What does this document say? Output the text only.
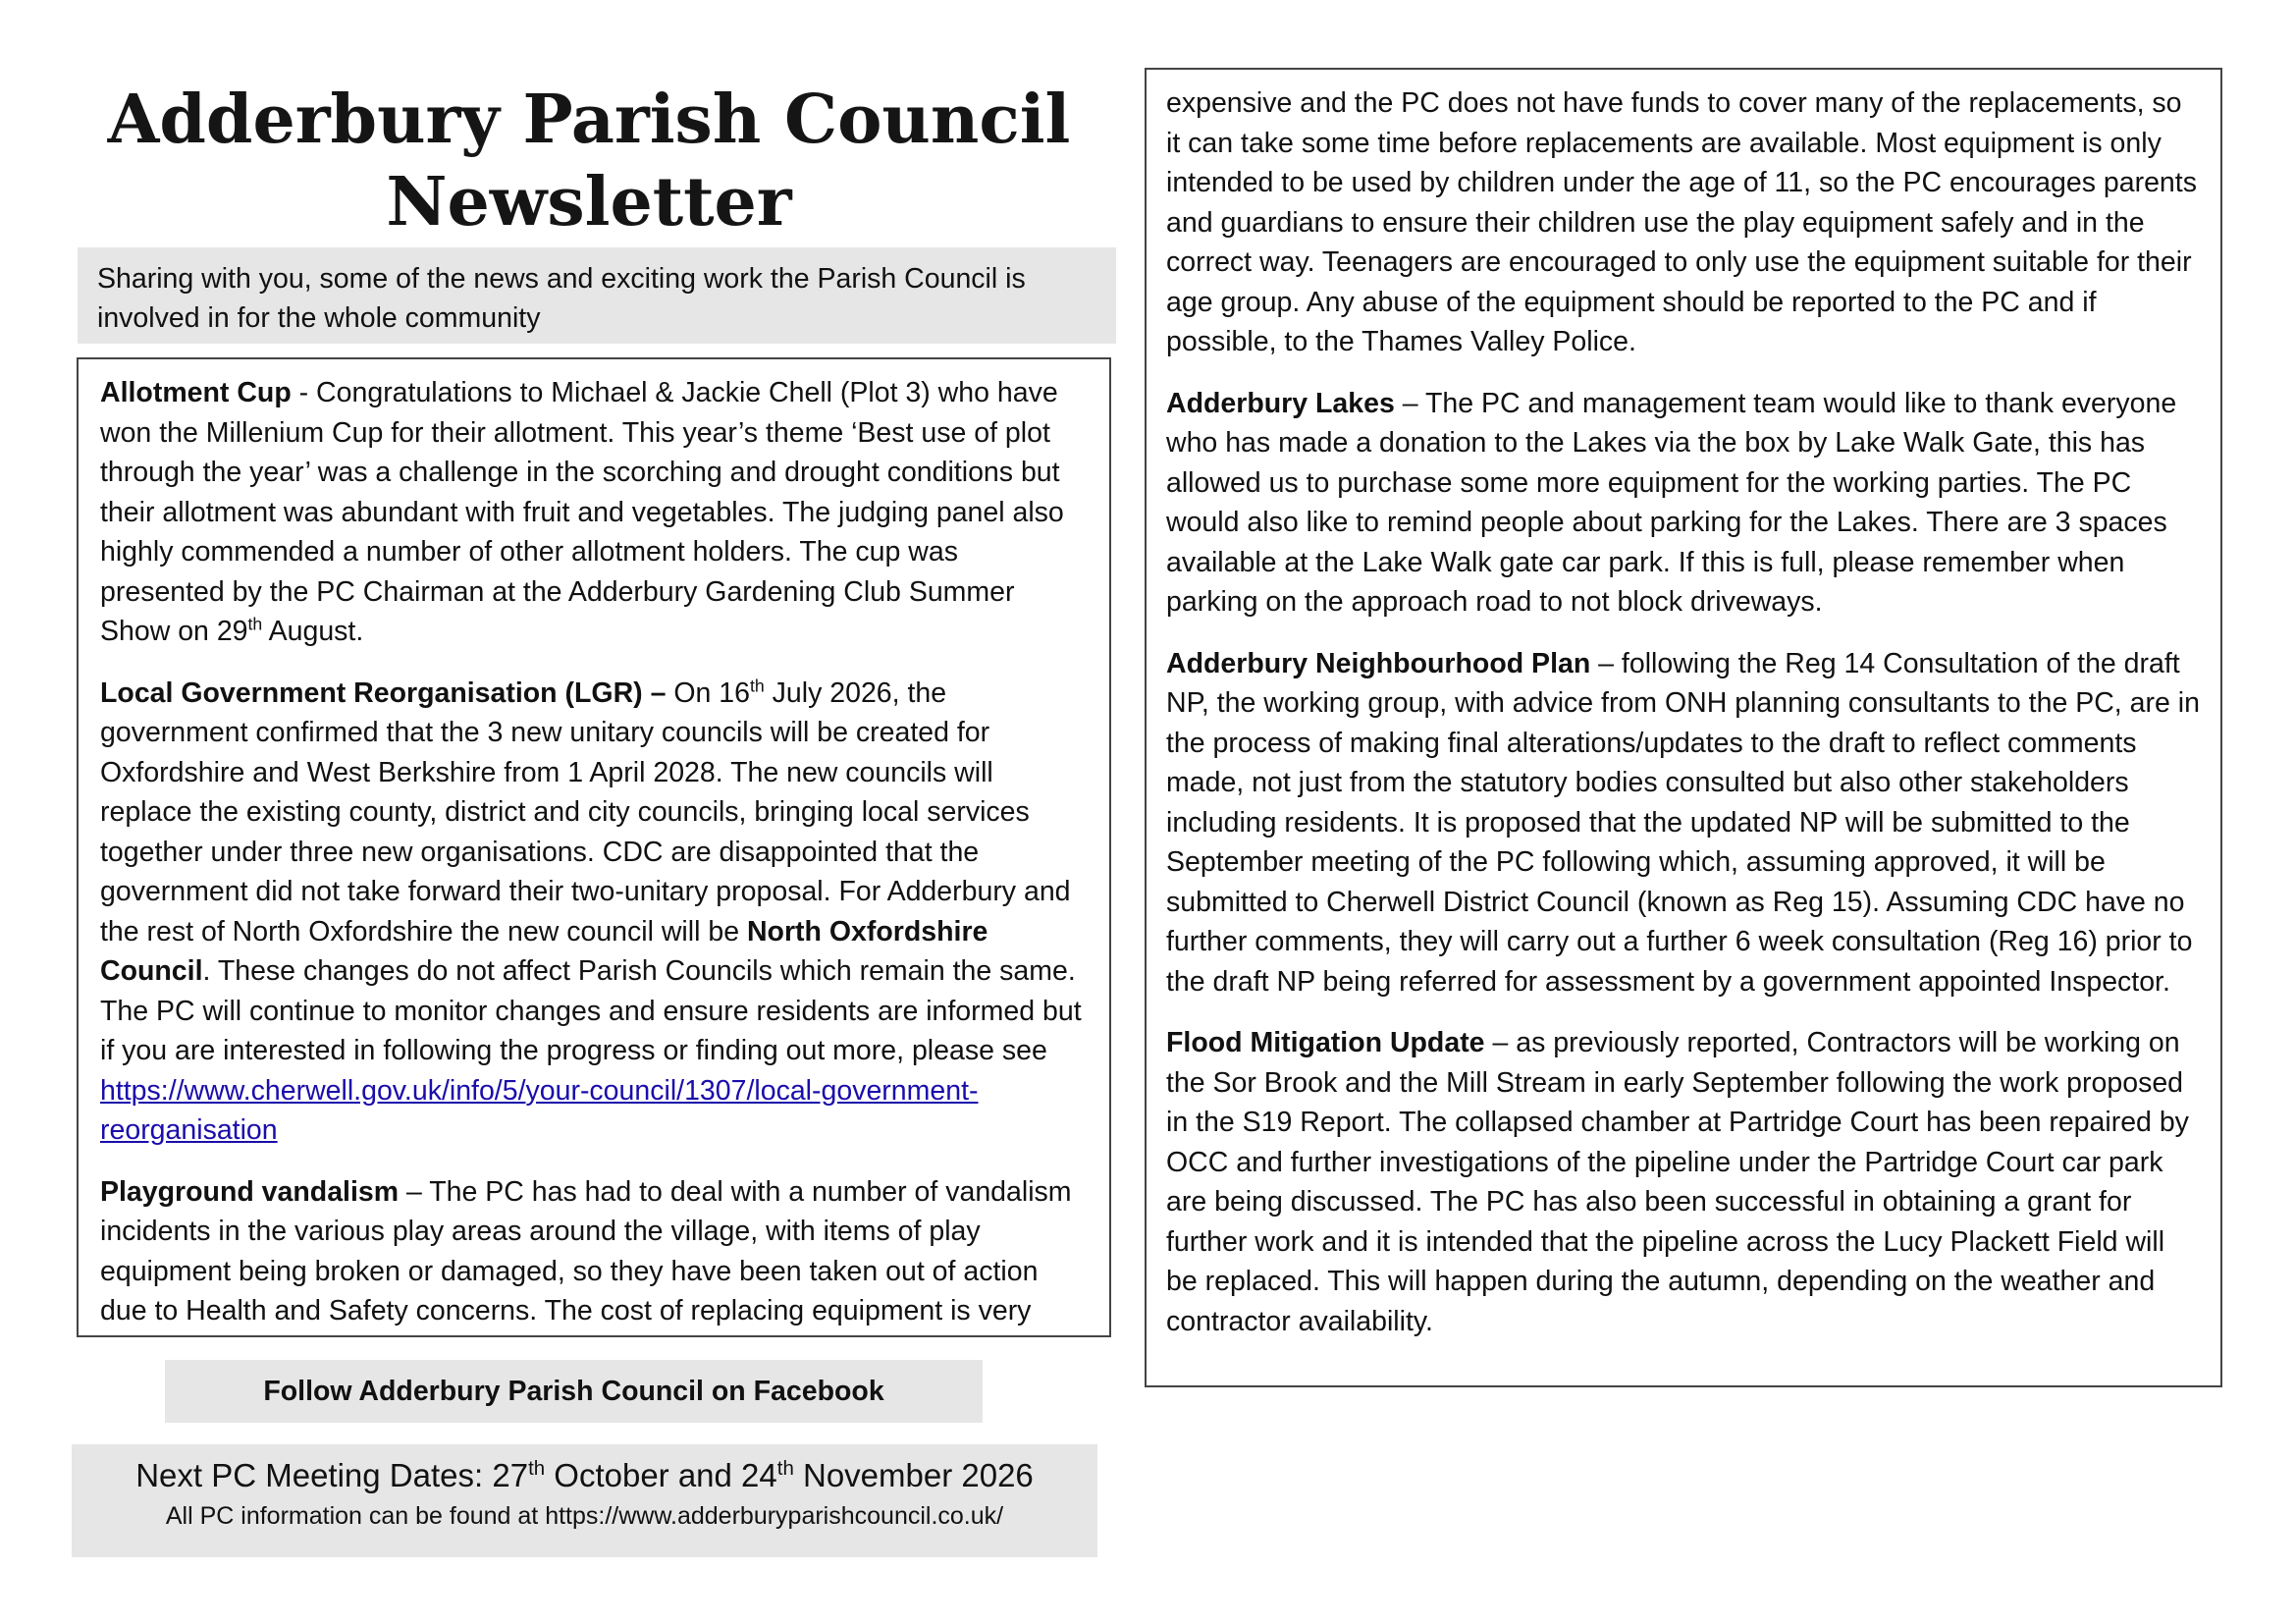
Adderbury Parish Council
Newsletter
Sharing with you, some of the news and exciting work the Parish Council is involved in for the whole community

Allotment Cup - Congratulations to Michael & Jackie Chell (Plot 3) who have won the Millenium Cup for their allotment. This year’s theme ‘Best use of plot through the year’ was a challenge in the scorching and drought conditions but their allotment was abundant with fruit and vegetables. The judging panel also highly commended a number of other allotment holders. The cup was presented by the PC Chairman at the Adderbury Gardening Club Summer Show on 29th August.

Local Government Reorganisation (LGR) – On 16th July 2026, the government confirmed that the 3 new unitary councils will be created for Oxfordshire and West Berkshire from 1 April 2028. The new councils will replace the existing county, district and city councils, bringing local services together under three new organisations. CDC are disappointed that the government did not take forward their two-unitary proposal. For Adderbury and the rest of North Oxfordshire the new council will be North Oxfordshire Council. These changes do not affect Parish Councils which remain the same. The PC will continue to monitor changes and ensure residents are informed but if you are interested in following the progress or finding out more, please see https://www.cherwell.gov.uk/info/5/your-council/1307/local-government-reorganisation

Playground vandalism – The PC has had to deal with a number of vandalism incidents in the various play areas around the village, with items of play equipment being broken or damaged, so they have been taken out of action due to Health and Safety concerns. The cost of replacing equipment is very

expensive and the PC does not have funds to cover many of the replacements, so it can take some time before replacements are available. Most equipment is only intended to be used by children under the age of 11, so the PC encourages parents and guardians to ensure their children use the play equipment safely and in the correct way. Teenagers are encouraged to only use the equipment suitable for their age group. Any abuse of the equipment should be reported to the PC and if possible, to the Thames Valley Police.

Adderbury Lakes – The PC and management team would like to thank everyone who has made a donation to the Lakes via the box by Lake Walk Gate, this has allowed us to purchase some more equipment for the working parties. The PC would also like to remind people about parking for the Lakes. There are 3 spaces available at the Lake Walk gate car park. If this is full, please remember when parking on the approach road to not block driveways.

Adderbury Neighbourhood Plan – following the Reg 14 Consultation of the draft NP, the working group, with advice from ONH planning consultants to the PC, are in the process of making final alterations/updates to the draft to reflect comments made, not just from the statutory bodies consulted but also other stakeholders including residents. It is proposed that the updated NP will be submitted to the September meeting of the PC following which, assuming approved, it will be submitted to Cherwell District Council (known as Reg 15). Assuming CDC have no further comments, they will carry out a further 6 week consultation (Reg 16) prior to the draft NP being referred for assessment by a government appointed Inspector.

Flood Mitigation Update – as previously reported, Contractors will be working on the Sor Brook and the Mill Stream in early September following the work proposed in the S19 Report. The collapsed chamber at Partridge Court has been repaired by OCC and further investigations of the pipeline under the Partridge Court car park are being discussed. The PC has also been successful in obtaining a grant for further work and it is intended that the pipeline across the Lucy Plackett Field will be replaced. This will happen during the autumn, depending on the weather and contractor availability.

Follow Adderbury Parish Council on Facebook
Next PC Meeting Dates: 27th October and 24th November 2026
All PC information can be found at https://www.adderburyparishcouncil.co.uk/
